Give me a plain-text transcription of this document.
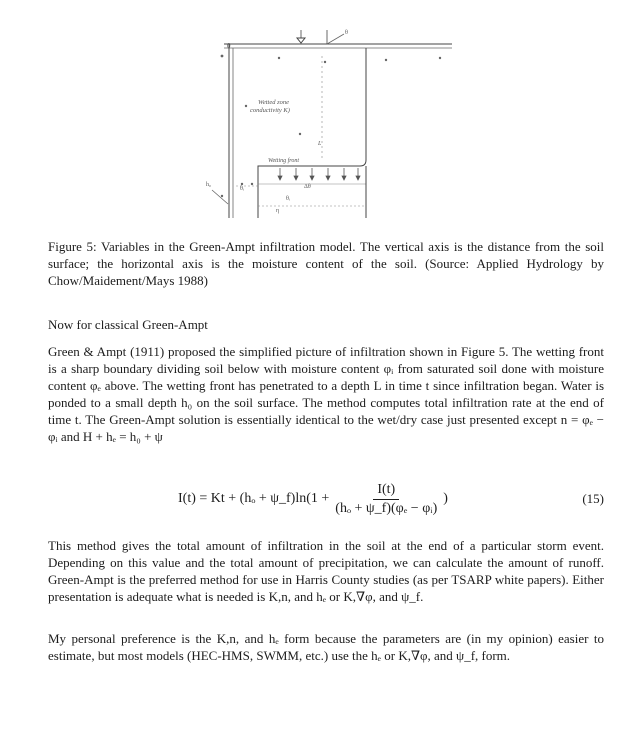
0
h₀
θ
Wetted zone
conductivity K)
L
Wetting front
Δθ
θᵢ
θᵢ
η

Figure 5: Variables in the Green-Ampt infiltration model. The vertical axis is the distance from the soil surface; the horizontal axis is the moisture content of the soil. (Source: Applied Hydrology by Chow/Maidement/Mays 1988)

Now for classical Green-Ampt

Green & Ampt (1911) proposed the simplified picture of infiltration shown in Figure 5. The wetting front is a sharp boundary dividing soil below with moisture content φᵢ from saturated soil done with moisture content φₑ above. The wetting front has penetrated to a depth L in time t since infiltration began. Water is ponded to a small depth h₀ on the soil surface. The method computes total infiltration rate at the end of time t. The Green-Ampt solution is essentially identical to the wet/dry case just presented except n = φₑ − φᵢ and H + hₑ = h₀ + ψ

I(t) = Kt + (hₒ + ψ_f)ln(1 + $\frac{I(t)}{\text{(hₒ + ψ\_f)(φₑ − φᵢ)}}$ )	(15)

This method gives the total amount of infiltration in the soil at the end of a particular storm event. Depending on this value and the total amount of precipitation, we can calculate the amount of runoff. Green-Ampt is the preferred method for use in Harris County studies (as per TSARP white papers). Either presentation is adequate what is needed is K,n, and hₑ or K,∇φ, and ψ_f.

My personal preference is the K,n, and hₑ form because the parameters are (in my opinion) easier to estimate, but most models (HEC-HMS, SWMM, etc.) use the hₑ or K,∇φ, and ψ_f, form.
